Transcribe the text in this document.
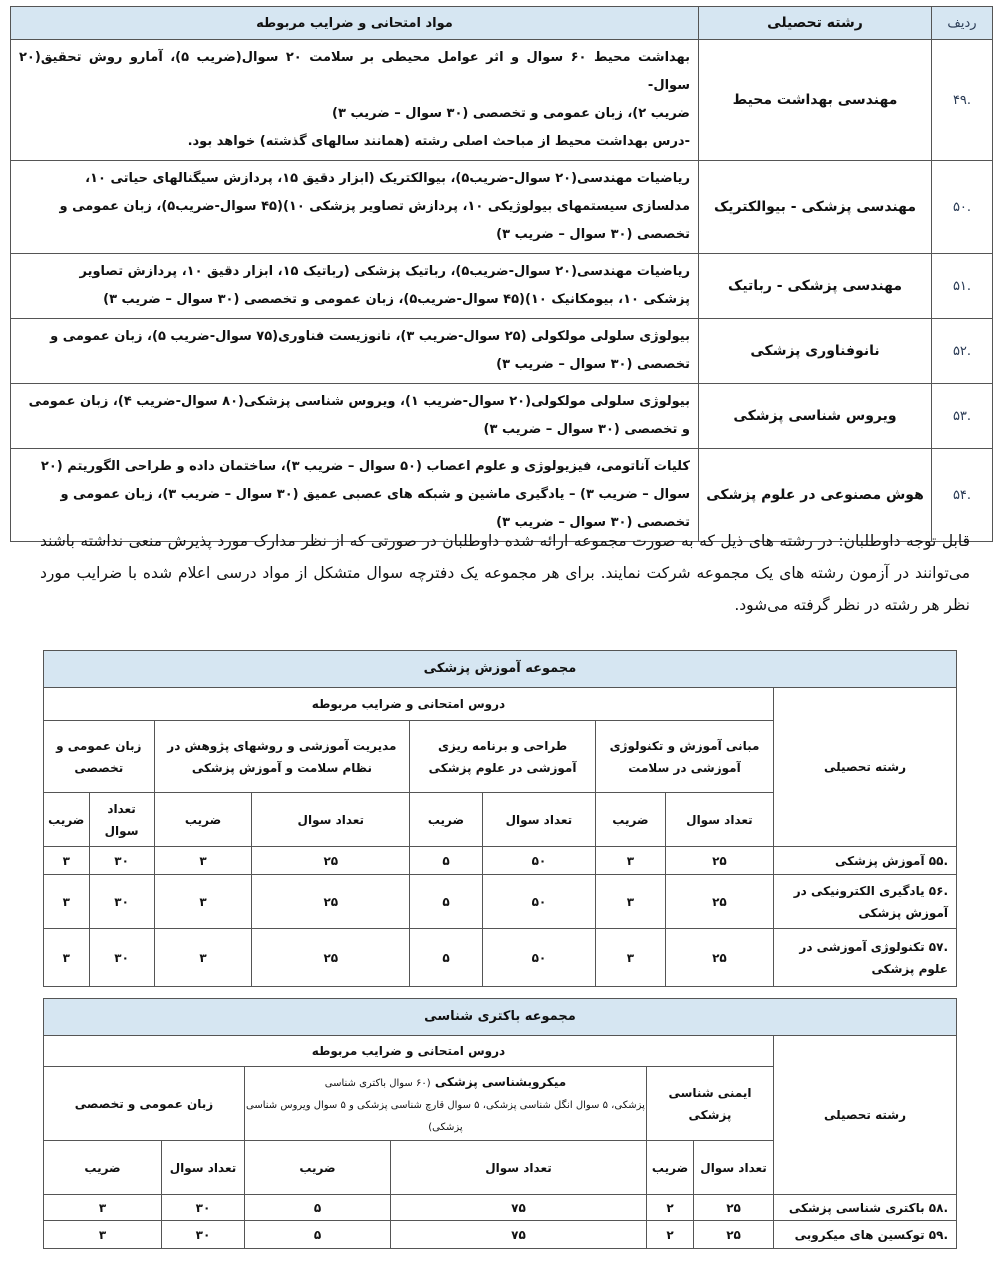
ردیف	رشته تحصیلی	مواد امتحانی و ضرایب مربوطه
.۴۹	مهندسی بهداشت محیط	بهداشت محیط ۶۰ سوال و اثر عوامل محیطی بر سلامت ۲۰ سوال(ضریب ۵)، آمارو روش تحقیق(۲۰ سوال-
ضریب ۲)، زبان عمومی و تخصصی (۳۰ سوال – ضریب ۳)
-درس بهداشت محیط از مباحث اصلی رشته (همانند سالهای گذشته) خواهد بود.

.۵۰	مهندسی پزشکی - بیوالکتریک	ریاضیات مهندسی(۲۰ سوال-ضریب۵)، بیوالکتریک (ابزار دقیق ۱۵، پردازش سیگنالهای حیاتی ۱۰،
مدلسازی سیستمهای بیولوژیکی ۱۰، پردازش تصاویر پزشکی ۱۰)(۴۵ سوال-ضریب۵)، زبان عمومی و
تخصصی (۳۰ سوال – ضریب ۳)

.۵۱	مهندسی پزشکی - رباتیک	ریاضیات مهندسی(۲۰ سوال-ضریب۵)، رباتیک پزشکی (رباتیک ۱۵، ابزار دقیق ۱۰، پردازش تصاویر
پزشکی ۱۰، بیومکانیک ۱۰)(۴۵ سوال-ضریب۵)، زبان عمومی و تخصصی (۳۰ سوال – ضریب ۳)

.۵۲	نانوفناوری پزشکی	بیولوژی سلولی مولکولی (۲۵ سوال-ضریب ۳)، نانوزیست فناوری(۷۵ سوال-ضریب ۵)، زبان عمومی و
تخصصی (۳۰ سوال – ضریب ۳)

.۵۳	ویروس شناسی پزشکی	بیولوژی سلولی مولکولی(۲۰ سوال-ضریب ۱)، ویروس شناسی پزشکی(۸۰ سوال-ضریب ۴)، زبان عمومی
و تخصصی (۳۰ سوال – ضریب ۳)

.۵۴	هوش مصنوعی در علوم پزشکی	کلیات آناتومی، فیزیولوژی و علوم اعصاب (۵۰ سوال – ضریب ۳)، ساختمان داده و طراحی الگوریتم (۲۰
سوال – ضریب ۳) – یادگیری ماشین و شبکه های عصبی عمیق (۳۰ سوال – ضریب ۳)، زبان عمومی و
تخصصی (۳۰ سوال – ضریب ۳)
قابل توجه داوطلبان: در رشته های ذیل که به صورت مجموعه ارائه شده داوطلبان در صورتی که از نظر مدارک مورد پذیرش منعی نداشته باشند می‌توانند در آزمون رشته های یک مجموعه شرکت نمایند. برای هر مجموعه یک دفترچه سوال متشکل از مواد درسی اعلام شده با ضرایب مورد نظر هر رشته در نظر گرفته می‌شود.
مجموعه آموزش پزشکی								
رشته تحصیلی	دروس امتحانی و ضرایب مربوطه							
	مبانی آموزش و تکنولوژی آموزشی در سلامت		طراحی و برنامه ریزی آموزشی در علوم پزشکی		مدیریت آموزشی و روشهای پژوهش در نظام سلامت و آموزش پزشکی		زبان عمومی و تخصصی	
	تعداد سوال	ضریب	تعداد سوال	ضریب	تعداد سوال	ضریب	تعداد سوال	ضریب
.۵۵ آموزش پزشکی	۲۵	۳	۵۰	۵	۲۵	۳	۳۰	۳
.۵۶ یادگیری الکترونیکی در آموزش پزشکی	۲۵	۳	۵۰	۵	۲۵	۳	۳۰	۳
.۵۷ تکنولوژی آموزشی در علوم پزشکی	۲۵	۳	۵۰	۵	۲۵	۳	۳۰	۳
مجموعه باکتری شناسی						
رشته تحصیلی	دروس امتحانی و ضرایب مربوطه					
	ایمنی شناسی پزشکی		میکروبشناسی پزشکی (۶۰ سوال باکتری شناسی
پزشکی، ۵ سوال انگل شناسی پزشکی، ۵ سوال قارچ شناسی پزشکی و ۵ سوال ویروس شناسی پزشکی)		زبان عمومی و تخصصی	
	تعداد سوال	ضریب	تعداد سوال	ضریب	تعداد سوال	ضریب
.۵۸ باکتری شناسی پزشکی	۲۵	۲	۷۵	۵	۳۰	۳
.۵۹ توکسین های میکروبی	۲۵	۲	۷۵	۵	۳۰	۳
